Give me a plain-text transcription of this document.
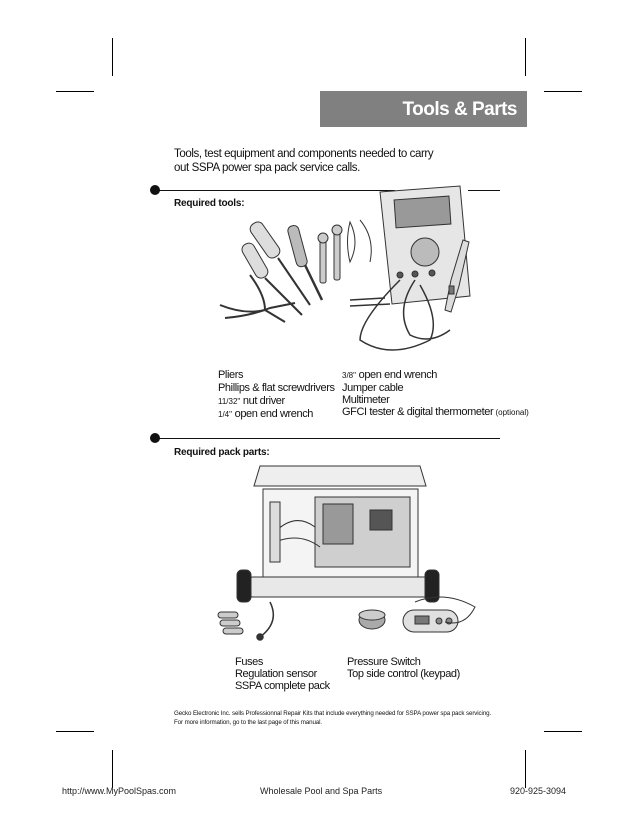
Tools & Parts
Tools, test equipment and components needed to carry
out SSPA power spa pack service calls.
Required tools:
Pliers
Phillips & flat screwdrivers
11/32" nut driver
1/4" open end wrench
3/8" open end wrench
Jumper cable
Multimeter
GFCI tester & digital thermometer (optional)
Required pack parts:
Fuses
Regulation sensor
SSPA complete pack
Pressure Switch
Top side control (keypad)
Gecko Electronic Inc. sells Professionnal Repair Kits that include everything needed for SSPA power spa pack servicing.
For more information, go to the last page of this manual.
http://www.MyPoolSpas.com	Wholesale Pool and Spa Parts	920-925-3094
